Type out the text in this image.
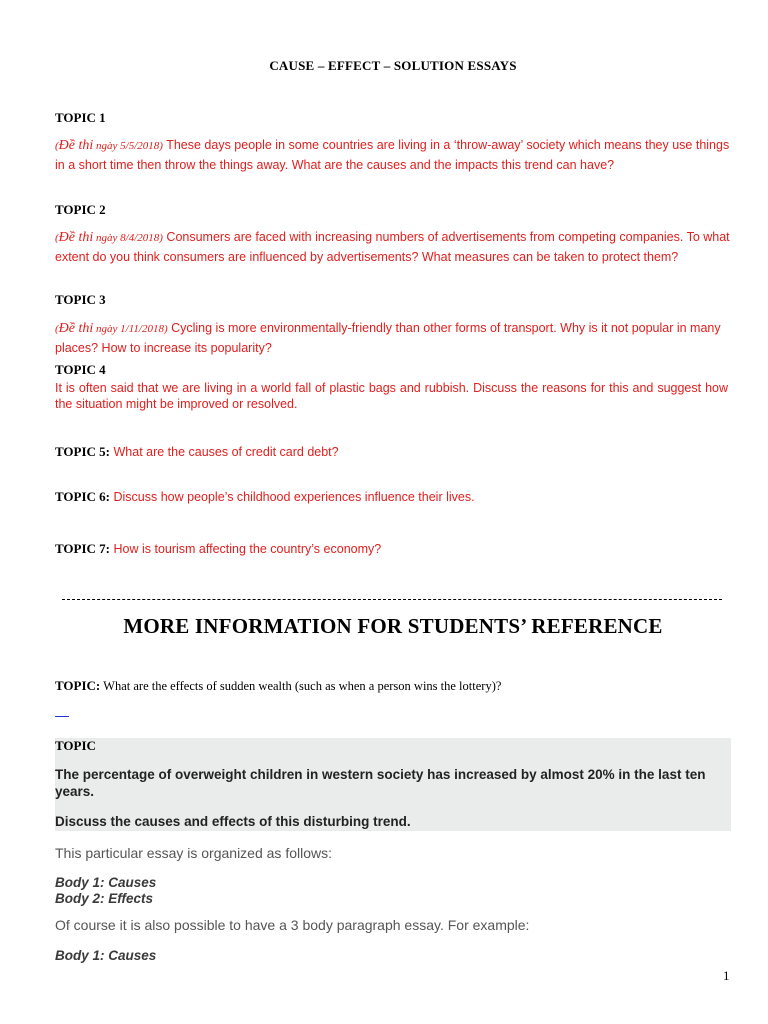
CAUSE – EFFECT – SOLUTION ESSAYS
TOPIC 1
(Đề thi ngày 5/5/2018) These days people in some countries are living in a ‘throw-away’ society which means they use things in a short time then throw the things away. What are the causes and the impacts this trend can have?
TOPIC 2
(Đề thi ngày 8/4/2018) Consumers are faced with increasing numbers of advertisements from competing companies. To what extent do you think consumers are influenced by advertisements? What measures can be taken to protect them?
TOPIC 3
(Đề thi ngày 1/11/2018) Cycling is more environmentally-friendly than other forms of transport. Why is it not popular in many places? How to increase its popularity?
TOPIC 4
It is often said that we are living in a world fall of plastic bags and rubbish. Discuss the reasons for this and suggest how the situation might be improved or resolved.
TOPIC 5: What are the causes of credit card debt?
TOPIC 6: Discuss how people’s childhood experiences influence their lives.
TOPIC 7: How is tourism affecting the country’s economy?
MORE INFORMATION FOR STUDENTS’ REFERENCE
TOPIC: What are the effects of sudden wealth (such as when a person wins the lottery)?
TOPIC
The percentage of overweight children in western society has increased by almost 20% in the last ten years.
Discuss the causes and effects of this disturbing trend.
This particular essay is organized as follows:
Body 1: Causes
Body 2: Effects
Of course it is also possible to have a 3 body paragraph essay. For example:
Body 1: Causes
1
